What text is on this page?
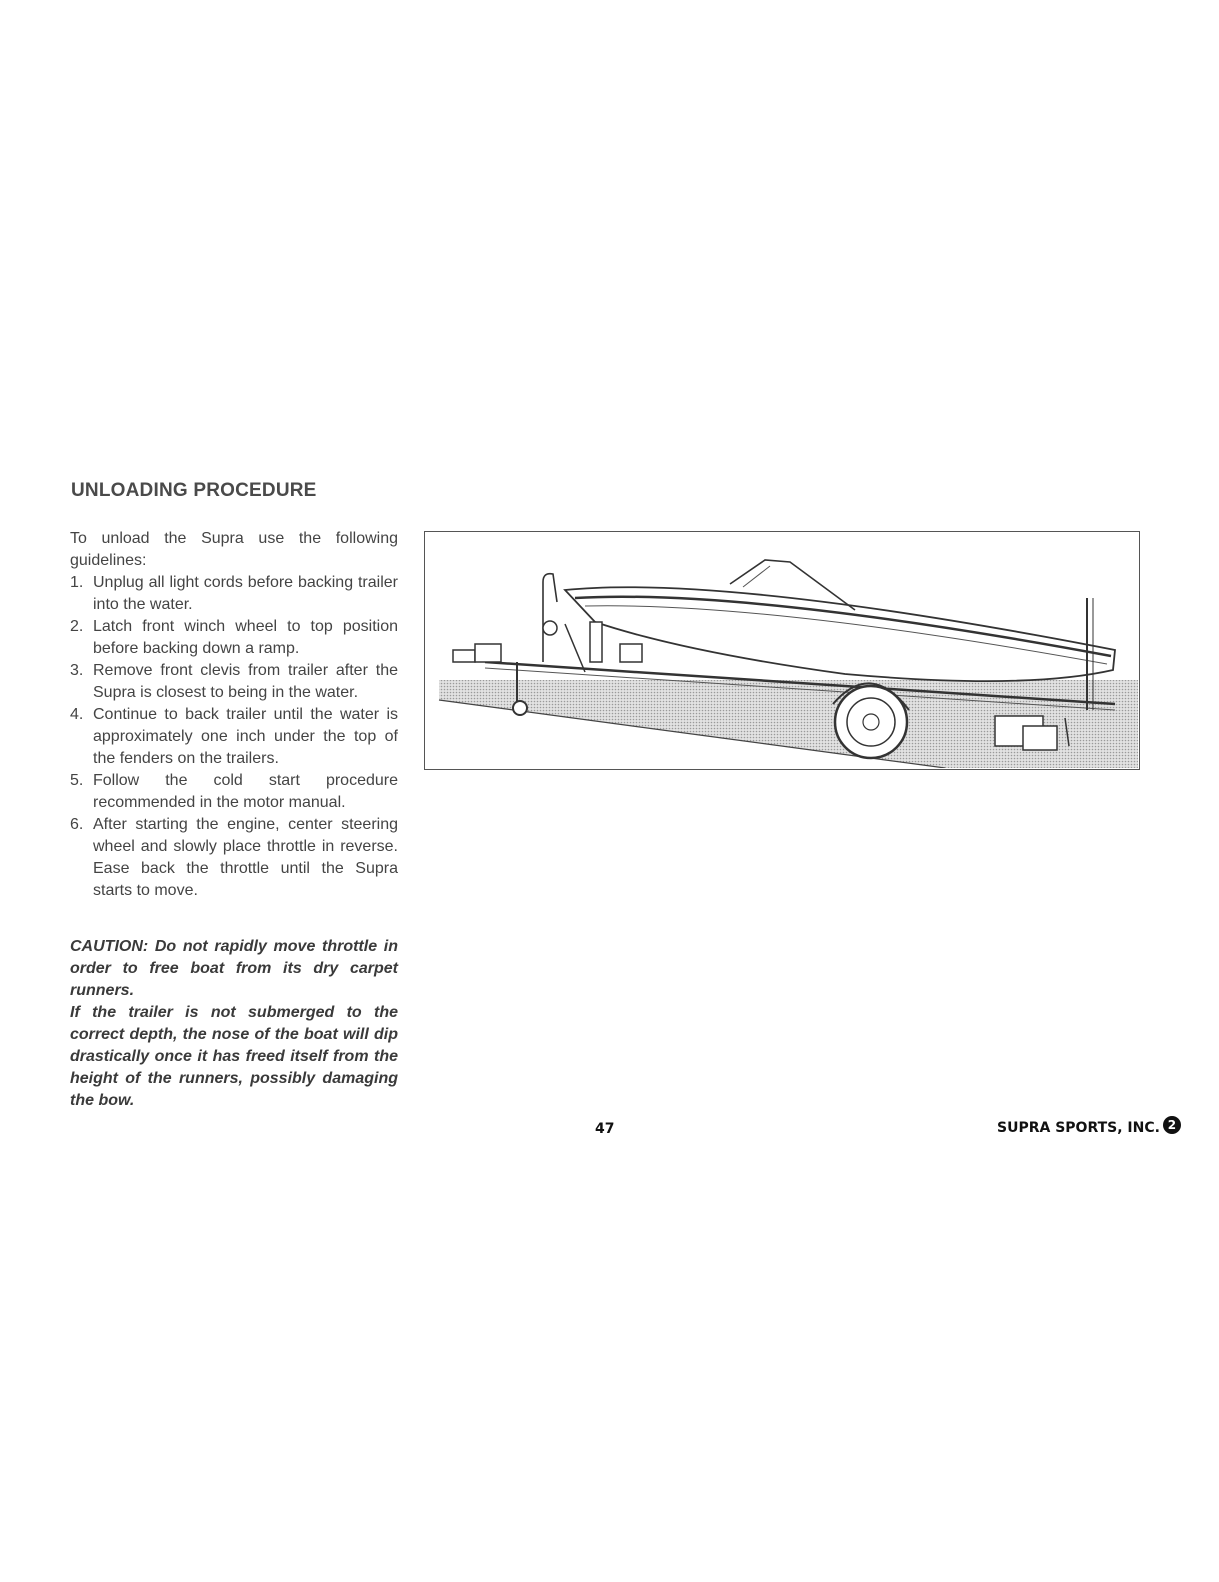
UNLOADING PROCEDURE

To unload the Supra use the following guidelines:

1. Unplug all light cords before backing trailer into the water.
2. Latch front winch wheel to top position before backing down a ramp.
3. Remove front clevis from trailer after the Supra is closest to being in the water.
4. Continue to back trailer until the water is approximately one inch under the top of the fenders on the trailers.
5. Follow the cold start procedure recommended in the motor manual.
6. After starting the engine, center steering wheel and slowly place throttle in reverse. Ease back the throttle until the Supra starts to move.

CAUTION: Do not rapidly move throttle in order to free boat from its dry carpet runners.

If the trailer is not submerged to the correct depth, the nose of the boat will dip drastically once it has freed itself from the height of the runners, possibly damaging the bow.

47	SUPRA SPORTS, INC. 2
